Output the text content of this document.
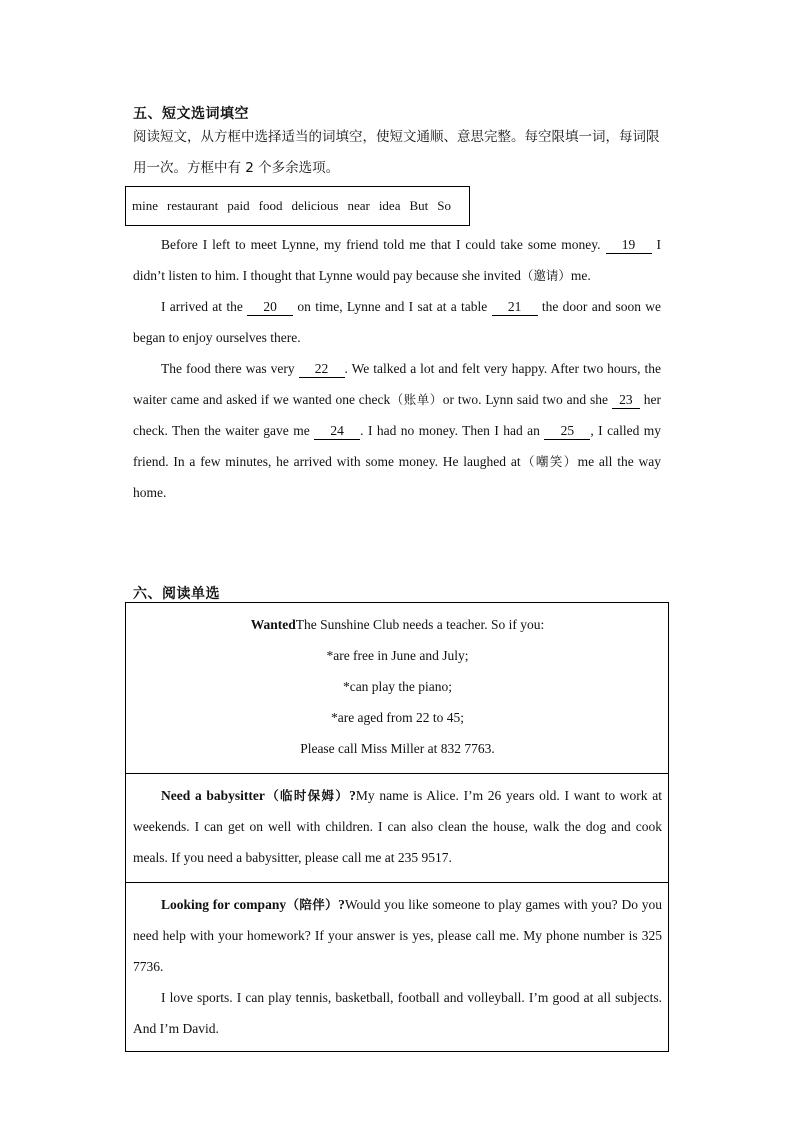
五、短文选词填空
阅读短文，从方框中选择适当的词填空，使短文通顺、意思完整。每空限填一词，每词限用一次。方框中有 2 个多余选项。
mine restaurant paid food delicious near idea But So
Before I left to meet Lynne, my friend told me that I could take some money. 19 I didn’t listen to him. I thought that Lynne would pay because she invited（邀请）me.
I arrived at the 20 on time, Lynne and I sat at a table 21 the door and soon we began to enjoy ourselves there.
The food there was very 22 . We talked a lot and felt very happy. After two hours, the waiter came and asked if we wanted one check（账单）or two. Lynn said two and she 23 her check. Then the waiter gave me 24 . I had no money. Then I had an 25 , I called my friend. In a few minutes, he arrived with some money. He laughed at（嘲笑）me all the way home.
六、阅读单选
WantedThe Sunshine Club needs a teacher. So if you:
*are free in June and July;
*can play the piano;
*are aged from 22 to 45;
Please call Miss Miller at 832 7763.

Need a babysitter（临时保姆）?My name is Alice. I’m 26 years old. I want to work at weekends. I can get on well with children. I can also clean the house, walk the dog and cook meals. If you need a babysitter, please call me at 235 9517.

Looking for company（陪伴）?Would you like someone to play games with you? Do you need help with your homework? If your answer is yes, please call me. My phone number is 325 7736.
I love sports. I can play tennis, basketball, football and volleyball. I’m good at all subjects. And I’m David.
